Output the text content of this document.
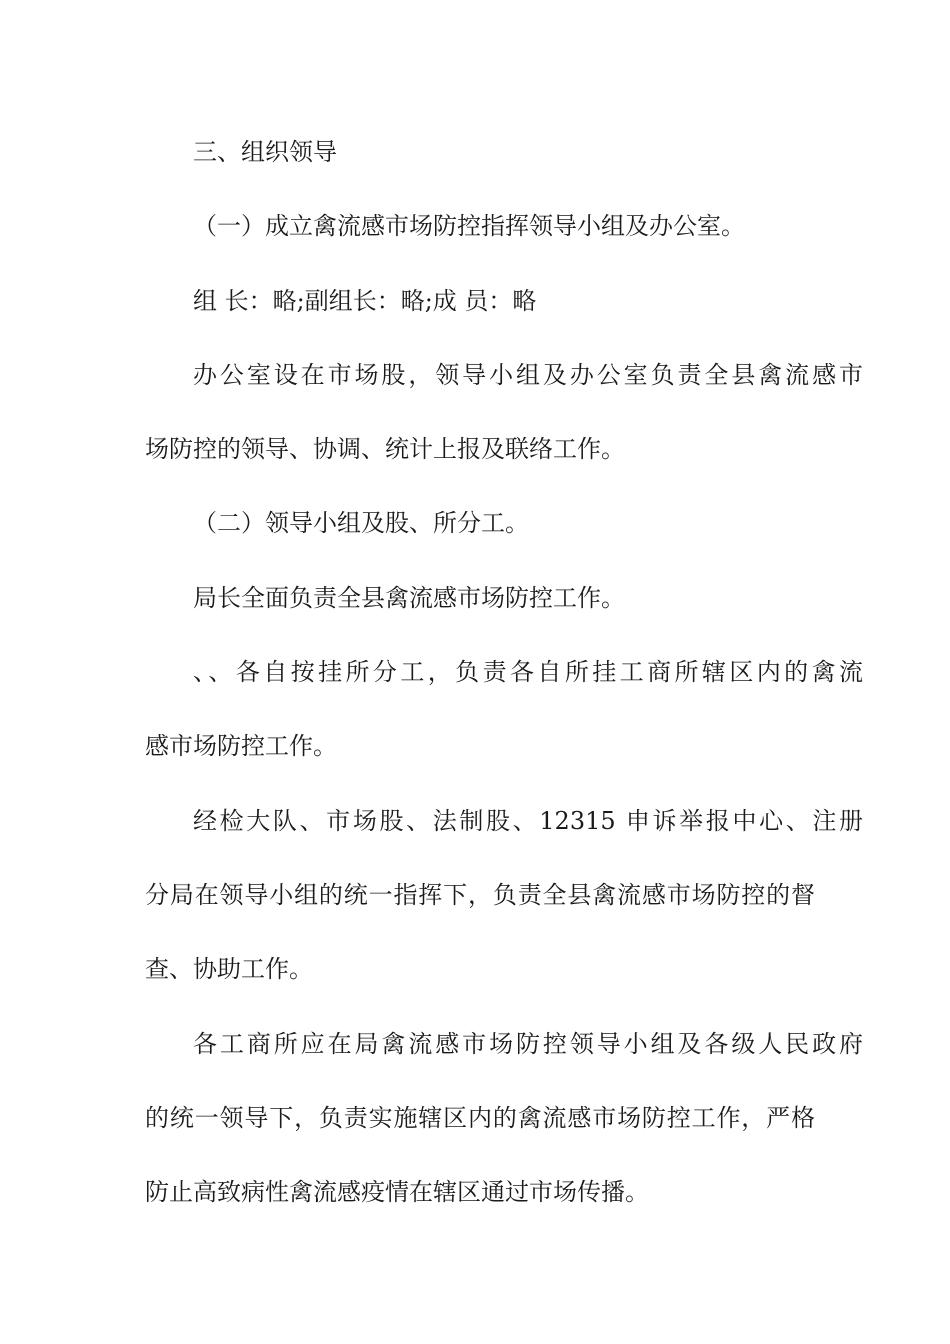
三、组织领导
（一）成立禽流感市场防控指挥领导小组及办公室。
组 长：略;副组长：略;成 员：略
办公室设在市场股，领导小组及办公室负责全县禽流感市
场防控的领导、协调、统计上报及联络工作。
（二）领导小组及股、所分工。
局长全面负责全县禽流感市场防控工作。
、、各自按挂所分工，负责各自所挂工商所辖区内的禽流
感市场防控工作。
经检大队、市场股、法制股、12315 申诉举报中心、注册
分局在领导小组的统一指挥下，负责全县禽流感市场防控的督
查、协助工作。
各工商所应在局禽流感市场防控领导小组及各级人民政府
的统一领导下，负责实施辖区内的禽流感市场防控工作，严格
防止高致病性禽流感疫情在辖区通过市场传播。
